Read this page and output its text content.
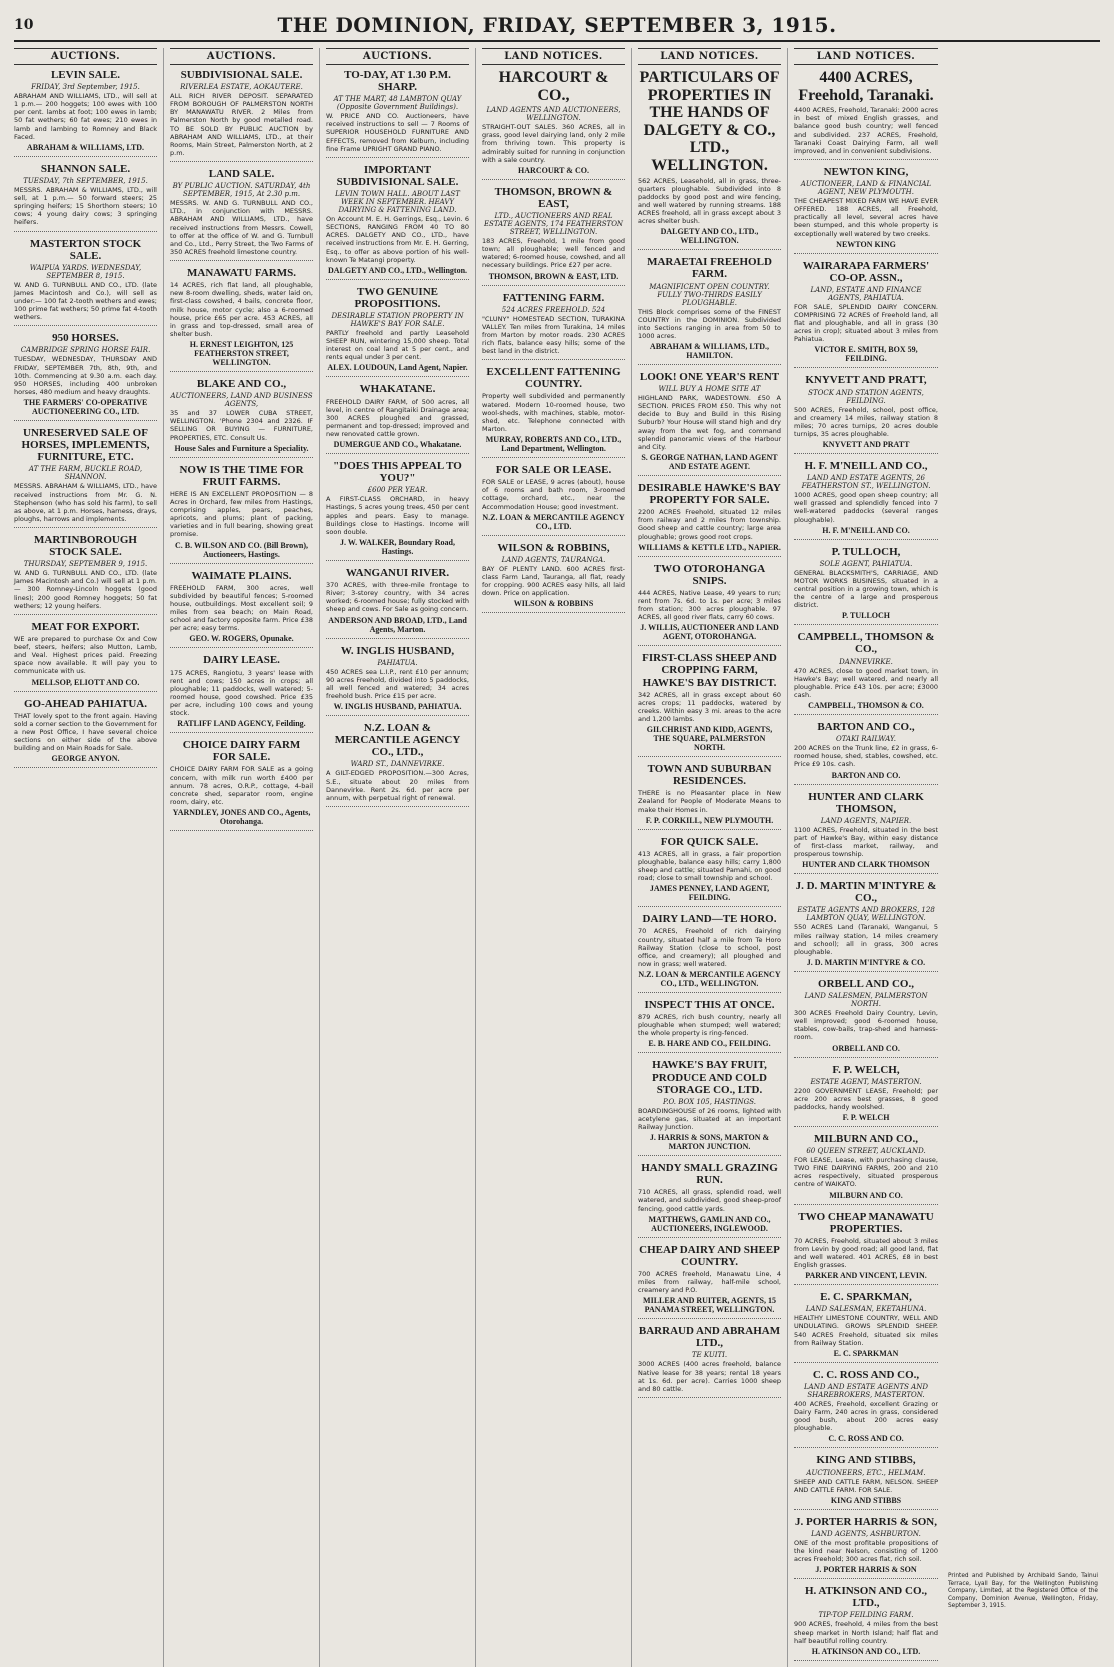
10	THE DOMINION, FRIDAY, SEPTEMBER 3, 1915.
AUCTIONS.
LEVIN SALE.
FRIDAY, 3rd September, 1915.

ABRAHAM AND WILLIAMS, LTD., will sell at 1 p.m.— 200 hoggets; 100 ewes with 100 per cent. lambs at foot; 100 ewes in lamb; 50 fat wethers; 60 fat ewes; 210 ewes in lamb and lambing to Romney and Black Faced.

ABRAHAM & WILLIAMS, LTD.
SHANNON SALE.
TUESDAY, 7th SEPTEMBER, 1915.

MESSRS. ABRAHAM & WILLIAMS, LTD., will sell, at 1 p.m.— 50 forward steers; 25 springing heifers; 15 Shorthorn steers; 10 cows; 4 young dairy cows; 3 springing heifers.

MASTERTON STOCK SALE.
WAIPUA YARDS. WEDNESDAY, SEPTEMBER 8, 1915.

W. AND G. TURNBULL AND CO., LTD. (late James Macintosh and Co.), will sell as under:— 100 fat 2-tooth wethers and ewes; 100 prime fat wethers; 50 prime fat 4-tooth wethers.

950 HORSES.
CAMBRIDGE SPRING HORSE FAIR.

TUESDAY, WEDNESDAY, THURSDAY AND FRIDAY, SEPTEMBER 7th, 8th, 9th, and 10th. Commencing at 9.30 a.m. each day. 950 HORSES, including 400 unbroken horses, 480 medium and heavy draughts.

THE FARMERS' CO-OPERATIVE AUCTIONEERING CO., LTD.
UNRESERVED SALE OF HORSES, IMPLEMENTS, FURNITURE, ETC.
AT THE FARM, BUCKLE ROAD, SHANNON.

MESSRS. ABRAHAM & WILLIAMS, LTD., have received instructions from Mr. G. N. Stephenson (who has sold his farm), to sell as above, at 1 p.m. Horses, harness, drays, ploughs, harrows and implements.

MARTINBOROUGH STOCK SALE.
THURSDAY, SEPTEMBER 9, 1915.

W. AND G. TURNBULL AND CO., LTD. (late James Macintosh and Co.) will sell at 1 p.m.— 300 Romney-Lincoln hoggets (good lines); 200 good Romney hoggets; 50 fat wethers; 12 young heifers.

MEAT FOR EXPORT.

WE are prepared to purchase Ox and Cow beef, steers, heifers; also Mutton, Lamb, and Veal. Highest prices paid. Freezing space now available. It will pay you to communicate with us.

MELLSOP, ELIOTT AND CO.
GO-AHEAD PAHIATUA.

THAT lovely spot to the front again. Having sold a corner section to the Government for a new Post Office, I have several choice sections on either side of the above building and on Main Roads for Sale.

GEORGE ANYON.
AUCTIONS.
SUBDIVISIONAL SALE.
RIVERLEA ESTATE, AOKAUTERE.

ALL RICH RIVER DEPOSIT. SEPARATED FROM BOROUGH OF PALMERSTON NORTH BY MANAWATU RIVER. 2 Miles from Palmerston North by good metalled road. TO BE SOLD BY PUBLIC AUCTION by ABRAHAM AND WILLIAMS, LTD., at their Rooms, Main Street, Palmerston North, at 2 p.m.

LAND SALE.
BY PUBLIC AUCTION. SATURDAY, 4th SEPTEMBER, 1915, At 2.30 p.m.

MESSRS. W. AND G. TURNBULL AND CO., LTD., in conjunction with MESSRS. ABRAHAM AND WILLIAMS, LTD., have received instructions from Messrs. Cowell, to offer at the office of W. and G. Turnbull and Co., Ltd., Perry Street, the Two Farms of 350 ACRES freehold limestone country.

MANAWATU FARMS.

14 ACRES, rich flat land, all ploughable, new 8-room dwelling, sheds, water laid on, first-class cowshed, 4 bails, concrete floor, milk house, motor cycle; also a 6-roomed house, price £65 per acre. 453 ACRES, all in grass and top-dressed, small area of shelter bush.

H. ERNEST LEIGHTON, 125 FEATHERSTON STREET, WELLINGTON.
BLAKE AND CO.,
AUCTIONEERS, LAND AND BUSINESS AGENTS,

35 and 37 LOWER CUBA STREET, WELLINGTON. 'Phone 2304 and 2326. IF SELLING OR BUYING — FURNITURE, PROPERTIES, ETC. Consult Us.

House Sales and Furniture a Speciality.
NOW IS THE TIME FOR FRUIT FARMS.

HERE IS AN EXCELLENT PROPOSITION — 8 Acres in Orchard, few miles from Hastings, comprising apples, pears, peaches, apricots, and plums; plant of packing, varieties and in full bearing, showing great promise.

C. B. WILSON AND CO. (Bill Brown), Auctioneers, Hastings.
WAIMATE PLAINS.

FREEHOLD FARM, 300 acres, well subdivided by beautiful fences; 5-roomed house, outbuildings. Most excellent soil; 9 miles from sea beach; on Main Road, school and factory opposite farm. Price £38 per acre; easy terms.

GEO. W. ROGERS, Opunake.
DAIRY LEASE.

175 ACRES, Rangiotu, 3 years' lease with rent and cows; 150 acres in crops; all ploughable; 11 paddocks, well watered; 5-roomed house, good cowshed. Price £35 per acre, including 100 cows and young stock.

RATLIFF LAND AGENCY, Feilding.
CHOICE DAIRY FARM FOR SALE.

CHOICE DAIRY FARM FOR SALE as a going concern, with milk run worth £400 per annum. 78 acres, O.R.P., cottage, 4-bail concrete shed, separator room, engine room, dairy, etc.

YARNDLEY, JONES AND CO., Agents, Otorohanga.
AUCTIONS.
TO-DAY, AT 1.30 P.M. SHARP.
AT THE MART, 48 LAMBTON QUAY (Opposite Government Buildings).

W. PRICE AND CO. Auctioneers, have received instructions to sell — 7 Rooms of SUPERIOR HOUSEHOLD FURNITURE AND EFFECTS, removed from Kelburn, including fine Frame UPRIGHT GRAND PIANO.

IMPORTANT SUBDIVISIONAL SALE.
LEVIN TOWN HALL. ABOUT LAST WEEK IN SEPTEMBER. HEAVY DAIRYING & FATTENING LAND.

On Account M. E. H. Gerrings, Esq., Levin. 6 SECTIONS, RANGING FROM 40 TO 80 ACRES. DALGETY AND CO., LTD., have received instructions from Mr. E. H. Gerring, Esq., to offer as above portion of his well-known Te Matangi property.

DALGETY AND CO., LTD., Wellington.
TWO GENUINE PROPOSITIONS.
DESIRABLE STATION PROPERTY IN HAWKE'S BAY FOR SALE.

PARTLY freehold and partly Leasehold SHEEP RUN, wintering 15,000 sheep. Total interest on coal land at 5 per cent., and rents equal under 3 per cent.

ALEX. LOUDOUN, Land Agent, Napier.
WHAKATANE.

FREEHOLD DAIRY FARM, of 500 acres, all level, in centre of Rangitaiki Drainage area; 300 ACRES ploughed and grassed, permanent and top-dressed; improved and new renovated cattle grown.

DUMERGUE AND CO., Whakatane.
"DOES THIS APPEAL TO YOU?"
£600 PER YEAR.

A FIRST-CLASS ORCHARD, in heavy Hastings, 5 acres young trees, 450 per cent apples and pears. Easy to manage. Buildings close to Hastings. Income will soon double.

J. W. WALKER, Boundary Road, Hastings.
WANGANUI RIVER.

370 ACRES, with three-mile frontage to River; 3-storey country, with 34 acres worked; 6-roomed house; fully stocked with sheep and cows. For Sale as going concern.

ANDERSON AND BROAD, LTD., Land Agents, Marton.
W. INGLIS HUSBAND,
PAHIATUA.

450 ACRES sea L.I.P., rent £10 per annum; 90 acres Freehold, divided into 5 paddocks, all well fenced and watered; 34 acres freehold bush. Price £15 per acre.

W. INGLIS HUSBAND, PAHIATUA.
N.Z. LOAN & MERCANTILE AGENCY CO., LTD.,
WARD ST., DANNEVIRKE.

A GILT-EDGED PROPOSITION.—300 Acres, S.E., situate about 20 miles from Dannevirke. Rent 2s. 6d. per acre per annum, with perpetual right of renewal.

LAND NOTICES.
HARCOURT & CO.,
LAND AGENTS AND AUCTIONEERS, WELLINGTON.

STRAIGHT-OUT SALES. 360 ACRES, all in grass, good level dairying land, only 2 mile from thriving town. This property is admirably suited for running in conjunction with a sale country.

HARCOURT & CO.
THOMSON, BROWN & EAST,
LTD., AUCTIONEERS AND REAL ESTATE AGENTS, 174 FEATHERSTON STREET, WELLINGTON.

183 ACRES, Freehold, 1 mile from good town; all ploughable; well fenced and watered; 6-roomed house, cowshed, and all necessary buildings. Price £27 per acre.

THOMSON, BROWN & EAST, LTD.
FATTENING FARM.
524 ACRES FREEHOLD. 524

"CLUNY" HOMESTEAD SECTION, TURAKINA VALLEY. Ten miles from Turakina, 14 miles from Marton by motor roads. 230 ACRES rich flats, balance easy hills; some of the best land in the district.

EXCELLENT FATTENING COUNTRY.

Property well subdivided and permanently watered. Modern 10-roomed house, two wool-sheds, with machines, stable, motor-shed, etc. Telephone connected with Marton.

MURRAY, ROBERTS AND CO., LTD., Land Department, Wellington.
FOR SALE OR LEASE.

FOR SALE or LEASE, 9 acres (about), house of 6 rooms and bath room, 3-roomed cottage, orchard, etc., near the Accommodation House; good investment.

N.Z. LOAN & MERCANTILE AGENCY CO., LTD.
WILSON & ROBBINS,
LAND AGENTS, TAURANGA.

BAY OF PLENTY LAND. 600 ACRES first-class Farm Land, Tauranga, all flat, ready for cropping. 900 ACRES easy hills, all laid down. Price on application.

WILSON & ROBBINS
LAND NOTICES.
PARTICULARS OF PROPERTIES IN THE HANDS OF DALGETY & CO., LTD., WELLINGTON.

562 ACRES, Leasehold, all in grass, three-quarters ploughable. Subdivided into 8 paddocks by good post and wire fencing, and well watered by running streams. 188 ACRES freehold, all in grass except about 3 acres shelter bush.

DALGETY AND CO., LTD., WELLINGTON.
MARAETAI FREEHOLD FARM.
MAGNIFICENT OPEN COUNTRY. FULLY TWO-THIRDS EASILY PLOUGHABLE.

THIS Block comprises some of the FINEST COUNTRY in the DOMINION. Subdivided into Sections ranging in area from 50 to 1000 acres.

ABRAHAM & WILLIAMS, LTD., HAMILTON.
LOOK! ONE YEAR'S RENT
WILL BUY A HOME SITE AT

HIGHLAND PARK, WADESTOWN. £50 A SECTION. PRICES FROM £50. This why not decide to Buy and Build in this Rising Suburb? Your House will stand high and dry away from the wet fog, and command splendid panoramic views of the Harbour and City.

S. GEORGE NATHAN, LAND AGENT AND ESTATE AGENT.
DESIRABLE HAWKE'S BAY PROPERTY FOR SALE.

2200 ACRES Freehold, situated 12 miles from railway and 2 miles from township. Good sheep and cattle country; large area ploughable; grows good root crops.

WILLIAMS & KETTLE LTD., NAPIER.
TWO OTOROHANGA SNIPS.

444 ACRES, Native Lease, 49 years to run; rent from 7s. 6d. to 1s. per acre; 3 miles from station; 300 acres ploughable. 97 ACRES, all good river flats, carry 60 cows.

J. WILLIS, AUCTIONEER AND LAND AGENT, OTOROHANGA.
FIRST-CLASS SHEEP AND CROPPING FARM, HAWKE'S BAY DISTRICT.

342 ACRES, all in grass except about 60 acres crops; 11 paddocks, watered by creeks. Within easy 3 mi. areas to the acre and 1,200 lambs.

GILCHRIST AND KIDD, AGENTS, THE SQUARE, PALMERSTON NORTH.
TOWN AND SUBURBAN RESIDENCES.

THERE is no Pleasanter place in New Zealand for People of Moderate Means to make their Homes in.

F. P. CORKILL, NEW PLYMOUTH.
FOR QUICK SALE.

413 ACRES, all in grass, a fair proportion ploughable, balance easy hills; carry 1,800 sheep and cattle; situated Pamahi, on good road; close to small township and school.

JAMES PENNEY, LAND AGENT, FEILDING.
DAIRY LAND—TE HORO.

70 ACRES, Freehold of rich dairying country, situated half a mile from Te Horo Railway Station (close to school, post office, and creamery); all ploughed and now in grass; well watered.

N.Z. LOAN & MERCANTILE AGENCY CO., LTD., WELLINGTON.
INSPECT THIS AT ONCE.

879 ACRES, rich bush country, nearly all ploughable when stumped; well watered; the whole property is ring-fenced.

E. B. HARE AND CO., FEILDING.
HAWKE'S BAY FRUIT, PRODUCE AND COLD STORAGE CO., LTD.
P.O. BOX 105, HASTINGS.

BOARDINGHOUSE of 26 rooms, lighted with acetylene gas, situated at an important Railway Junction.

J. HARRIS & SONS, MARTON & MARTON JUNCTION.
HANDY SMALL GRAZING RUN.

710 ACRES, all grass, splendid road, well watered, and subdivided, good sheep-proof fencing, good cattle yards.

MATTHEWS, GAMLIN AND CO., AUCTIONEERS, INGLEWOOD.
CHEAP DAIRY AND SHEEP COUNTRY.

700 ACRES freehold, Manawatu Line, 4 miles from railway, half-mile school, creamery and P.O.

MILLER AND RUITER, AGENTS, 15 PANAMA STREET, WELLINGTON.
BARRAUD AND ABRAHAM LTD.,
TE KUITI.

3000 ACRES (400 acres freehold, balance Native lease for 38 years; rental 18 years at 1s. 6d. per acre). Carries 1000 sheep and 80 cattle.

LAND NOTICES.
4400 ACRES, Freehold, Taranaki.

4400 ACRES, Freehold, Taranaki: 2000 acres in best of mixed English grasses, and balance good bush country; well fenced and subdivided. 237 ACRES, Freehold, Taranaki Coast Dairying Farm, all well improved, and in convenient subdivisions.

NEWTON KING,
AUCTIONEER, LAND & FINANCIAL AGENT, NEW PLYMOUTH.

THE CHEAPEST MIXED FARM WE HAVE EVER OFFERED. 188 ACRES, all Freehold, practically all level, several acres have been stumped, and this whole property is exceptionally well watered by two creeks.

NEWTON KING
WAIRARAPA FARMERS' CO-OP. ASSN.,
LAND, ESTATE AND FINANCE AGENTS, PAHIATUA.

FOR SALE, SPLENDID DAIRY CONCERN. COMPRISING 72 ACRES of Freehold land, all flat and ploughable, and all in grass (30 acres in crop); situated about 3 miles from Pahiatua.

VICTOR E. SMITH, BOX 59, FEILDING.
KNYVETT AND PRATT,
STOCK AND STATION AGENTS, FEILDING.

500 ACRES, Freehold, school, post office, and creamery 14 miles, railway station 8 miles; 70 acres turnips, 20 acres double turnips, 35 acres ploughable.

KNYVETT AND PRATT
H. F. M'NEILL AND CO.,
LAND AND ESTATE AGENTS, 26 FEATHERSTON ST., WELLINGTON.

1000 ACRES, good open sheep country; all well grassed and splendidly fenced into 7 well-watered paddocks (several ranges ploughable).

H. F. M'NEILL AND CO.
P. TULLOCH,
SOLE AGENT, PAHIATUA.

GENERAL BLACKSMITH'S, CARRIAGE, AND MOTOR WORKS BUSINESS, situated in a central position in a growing town, which is the centre of a large and prosperous district.

P. TULLOCH
CAMPBELL, THOMSON & CO.,
DANNEVIRKE.

470 ACRES, close to good market town, in Hawke's Bay; well watered, and nearly all ploughable. Price £43 10s. per acre; £3000 cash.

CAMPBELL, THOMSON & CO.
BARTON AND CO.,
OTAKI RAILWAY.

200 ACRES on the Trunk line, £2 in grass, 6-roomed house, shed, stables, cowshed, etc. Price £9 10s. cash.

BARTON AND CO.
HUNTER AND CLARK THOMSON,
LAND AGENTS, NAPIER.

1100 ACRES, Freehold, situated in the best part of Hawke's Bay, within easy distance of first-class market, railway, and prosperous township.

HUNTER AND CLARK THOMSON
J. D. MARTIN M'INTYRE & CO.,
ESTATE AGENTS AND BROKERS, 128 LAMBTON QUAY, WELLINGTON.

550 ACRES Land (Taranaki, Wanganui, 5 miles railway station, 14 miles creamery and school); all in grass, 300 acres ploughable.

J. D. MARTIN M'INTYRE & CO.
ORBELL AND CO.,
LAND SALESMEN, PALMERSTON NORTH.

300 ACRES Freehold Dairy Country, Levin, well improved; good 6-roomed house, stables, cow-bails, trap-shed and harness-room.

ORBELL AND CO.
F. P. WELCH,
ESTATE AGENT, MASTERTON.

2200 GOVERNMENT LEASE, Freehold; per acre 200 acres best grasses, 8 good paddocks, handy woolshed.

F. P. WELCH
MILBURN AND CO.,
60 QUEEN STREET, AUCKLAND.

FOR LEASE, Lease, with purchasing clause, TWO FINE DAIRYING FARMS, 200 and 210 acres respectively, situated prosperous centre of WAIKATO.

MILBURN AND CO.
TWO CHEAP MANAWATU PROPERTIES.

70 ACRES, Freehold, situated about 3 miles from Levin by good road; all good land, flat and well watered. 401 ACRES, £8 in best English grasses.

PARKER AND VINCENT, LEVIN.
E. C. SPARKMAN,
LAND SALESMAN, EKETAHUNA.

HEALTHY LIMESTONE COUNTRY, WELL AND UNDULATING. GROWS SPLENDID SHEEP. 540 ACRES Freehold, situated six miles from Railway Station.

E. C. SPARKMAN
C. C. ROSS AND CO.,
LAND AND ESTATE AGENTS AND SHAREBROKERS, MASTERTON.

400 ACRES, Freehold, excellent Grazing or Dairy Farm, 240 acres in grass, considered good bush, about 200 acres easy ploughable.

C. C. ROSS AND CO.
KING AND STIBBS,
AUCTIONEERS, ETC., HELMAM.

SHEEP AND CATTLE FARM, NELSON. SHEEP AND CATTLE FARM. FOR SALE.

KING AND STIBBS
J. PORTER HARRIS & SON,
LAND AGENTS, ASHBURTON.

ONE of the most profitable propositions of the kind near Nelson, consisting of 1200 acres Freehold; 300 acres flat, rich soil.

J. PORTER HARRIS & SON
H. ATKINSON AND CO., LTD.,
TIP-TOP FEILDING FARM.

900 ACRES, freehold, 4 miles from the best sheep market in North Island; half flat and half beautiful rolling country.

H. ATKINSON AND CO., LTD.
Printed and Published by Archibald Sando, Tainui Terrace, Lyall Bay, for the Wellington Publishing Company, Limited, at the Registered Office of the Company, Dominion Avenue, Wellington, Friday, September 3, 1915.
